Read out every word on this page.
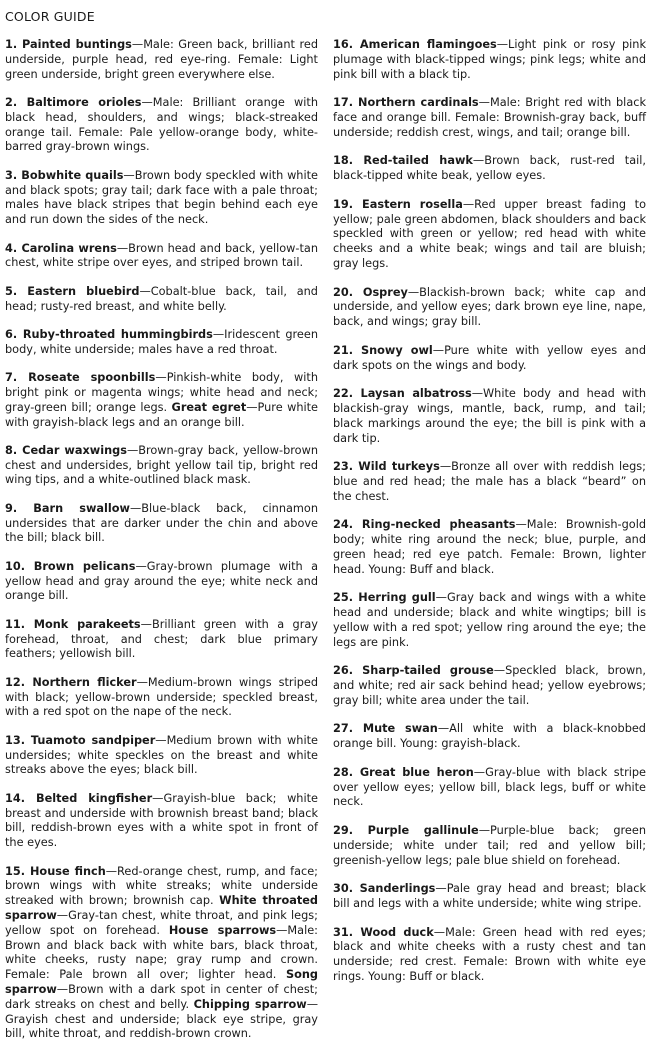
COLOR GUIDE

1. Painted buntings—Male: Green back, brilliant red underside, purple head, red eye-ring. Female: Light green underside, bright green everywhere else.

2. Baltimore orioles—Male: Brilliant orange with black head, shoulders, and wings; black-streaked orange tail. Female: Pale yellow-orange body, white-barred gray-brown wings.

3. Bobwhite quails—Brown body speckled with white and black spots; gray tail; dark face with a pale throat; males have black stripes that begin behind each eye and run down the sides of the neck.

4. Carolina wrens—Brown head and back, yellow-tan chest, white stripe over eyes, and striped brown tail.

5. Eastern bluebird—Cobalt-blue back, tail, and head; rusty-red breast, and white belly.

6. Ruby-throated hummingbirds—Iridescent green body, white underside; males have a red throat.

7. Roseate spoonbills—Pinkish-white body, with bright pink or magenta wings; white head and neck; gray-green bill; orange legs. Great egret—Pure white with grayish-black legs and an orange bill.

8. Cedar waxwings—Brown-gray back, yellow-brown chest and undersides, bright yellow tail tip, bright red wing tips, and a white-outlined black mask.

9. Barn swallow—Blue-black back, cinnamon undersides that are darker under the chin and above the bill; black bill.

10. Brown pelicans—Gray-brown plumage with a yellow head and gray around the eye; white neck and orange bill.

11. Monk parakeets—Brilliant green with a gray forehead, throat, and chest; dark blue primary feathers; yellowish bill.

12. Northern flicker—Medium-brown wings striped with black; yellow-brown underside; speckled breast, with a red spot on the nape of the neck.

13. Tuamoto sandpiper—Medium brown with white undersides; white speckles on the breast and white streaks above the eyes; black bill.

14. Belted kingfisher—Grayish-blue back; white breast and underside with brownish breast band; black bill, reddish-brown eyes with a white spot in front of the eyes.

15. House finch—Red-orange chest, rump, and face; brown wings with white streaks; white underside streaked with brown; brownish cap. White throated sparrow—Gray-tan chest, white throat, and pink legs; yellow spot on forehead. House sparrows—Male: Brown and black back with white bars, black throat, white cheeks, rusty nape; gray rump and crown. Female: Pale brown all over; lighter head. Song sparrow—Brown with a dark spot in center of chest; dark streaks on chest and belly. Chipping sparrow—Grayish chest and underside; black eye stripe, gray bill, white throat, and reddish-brown crown.

16. American flamingoes—Light pink or rosy pink plumage with black-tipped wings; pink legs; white and pink bill with a black tip.

17. Northern cardinals—Male: Bright red with black face and orange bill. Female: Brownish-gray back, buff underside; reddish crest, wings, and tail; orange bill.

18. Red-tailed hawk—Brown back, rust-red tail, black-tipped white beak, yellow eyes.

19. Eastern rosella—Red upper breast fading to yellow; pale green abdomen, black shoulders and back speckled with green or yellow; red head with white cheeks and a white beak; wings and tail are bluish; gray legs.

20. Osprey—Blackish-brown back; white cap and underside, and yellow eyes; dark brown eye line, nape, back, and wings; gray bill.

21. Snowy owl—Pure white with yellow eyes and dark spots on the wings and body.

22. Laysan albatross—White body and head with blackish-gray wings, mantle, back, rump, and tail; black markings around the eye; the bill is pink with a dark tip.

23. Wild turkeys—Bronze all over with reddish legs; blue and red head; the male has a black “beard” on the chest.

24. Ring-necked pheasants—Male: Brownish-gold body; white ring around the neck; blue, purple, and green head; red eye patch. Female: Brown, lighter head. Young: Buff and black.

25. Herring gull—Gray back and wings with a white head and underside; black and white wingtips; bill is yellow with a red spot; yellow ring around the eye; the legs are pink.

26. Sharp-tailed grouse—Speckled black, brown, and white; red air sack behind head; yellow eyebrows; gray bill; white area under the tail.

27. Mute swan—All white with a black-knobbed orange bill. Young: grayish-black.

28. Great blue heron—Gray-blue with black stripe over yellow eyes; yellow bill, black legs, buff or white neck.

29. Purple gallinule—Purple-blue back; green underside; white under tail; red and yellow bill; greenish-yellow legs; pale blue shield on forehead.

30. Sanderlings—Pale gray head and breast; black bill and legs with a white underside; white wing stripe.

31. Wood duck—Male: Green head with red eyes; black and white cheeks with a rusty chest and tan underside; red crest. Female: Brown with white eye rings. Young: Buff or black.
